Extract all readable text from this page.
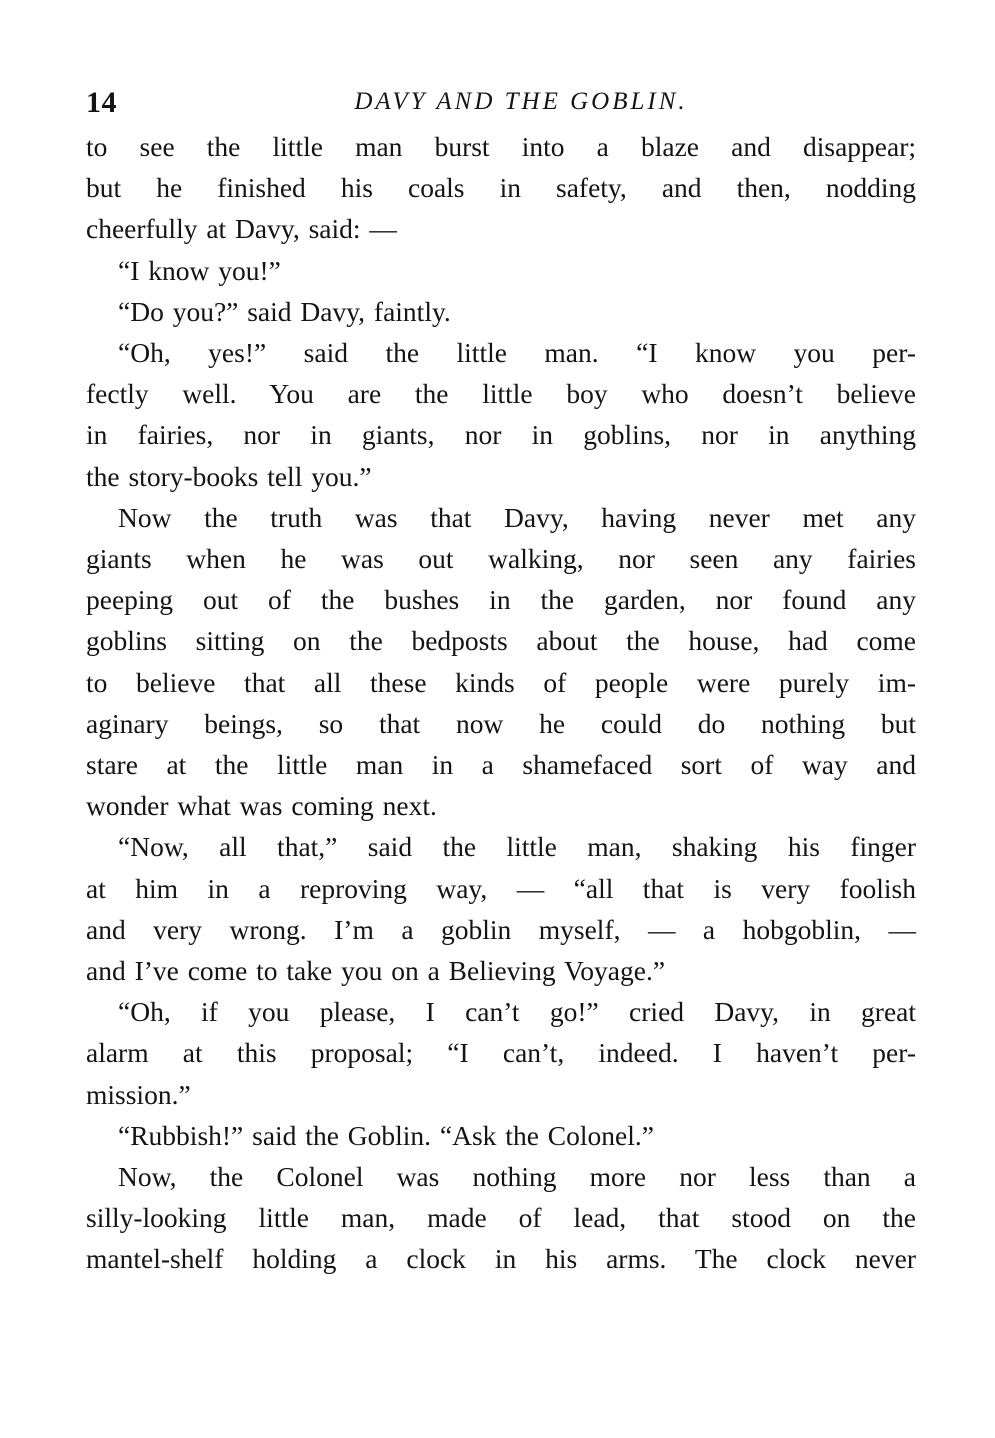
14	DAVY AND THE GOBLIN.
to see the little man burst into a blaze and disappear;
but he finished his coals in safety, and then, nodding
cheerfully at Davy, said: —
“I know you!”
“Do you?” said Davy, faintly.
“Oh, yes!” said the little man. “I know you per-
fectly well. You are the little boy who doesn’t believe
in fairies, nor in giants, nor in goblins, nor in anything
the story-books tell you.”
Now the truth was that Davy, having never met any
giants when he was out walking, nor seen any fairies
peeping out of the bushes in the garden, nor found any
goblins sitting on the bedposts about the house, had come
to believe that all these kinds of people were purely im-
aginary beings, so that now he could do nothing but
stare at the little man in a shamefaced sort of way and
wonder what was coming next.
“Now, all that,” said the little man, shaking his finger
at him in a reproving way, — “all that is very foolish
and very wrong. I’m a goblin myself, — a hobgoblin, —
and I’ve come to take you on a Believing Voyage.”
“Oh, if you please, I can’t go!” cried Davy, in great
alarm at this proposal; “I can’t, indeed. I haven’t per-
mission.”
“Rubbish!” said the Goblin. “Ask the Colonel.”
Now, the Colonel was nothing more nor less than a
silly-looking little man, made of lead, that stood on the
mantel-shelf holding a clock in his arms. The clock never
